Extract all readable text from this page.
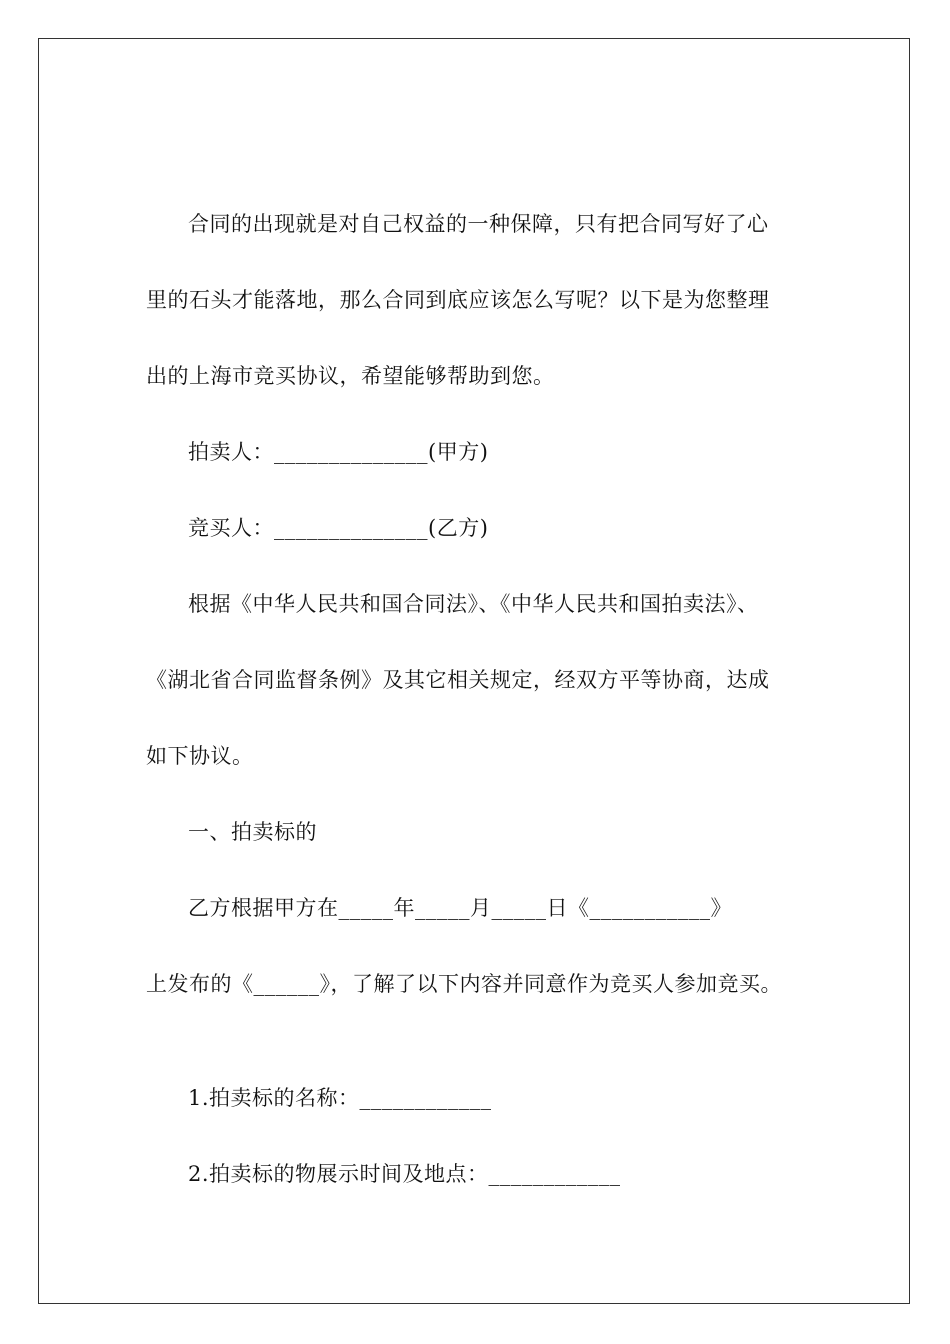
合同的出现就是对自己权益的一种保障，只有把合同写好了心
里的石头才能落地，那么合同到底应该怎么写呢？以下是为您整理
出的上海市竞买协议，希望能够帮助到您。
拍卖人：______________(甲方)
竞买人：______________(乙方)
根据《中华人民共和国合同法》、《中华人民共和国拍卖法》、
《湖北省合同监督条例》及其它相关规定，经双方平等协商，达成
如下协议。
一、拍卖标的
乙方根据甲方在_____年_____月_____日《___________》
上发布的《______》，了解了以下内容并同意作为竞买人参加竞买。
1.拍卖标的名称：____________
2.拍卖标的物展示时间及地点：____________
